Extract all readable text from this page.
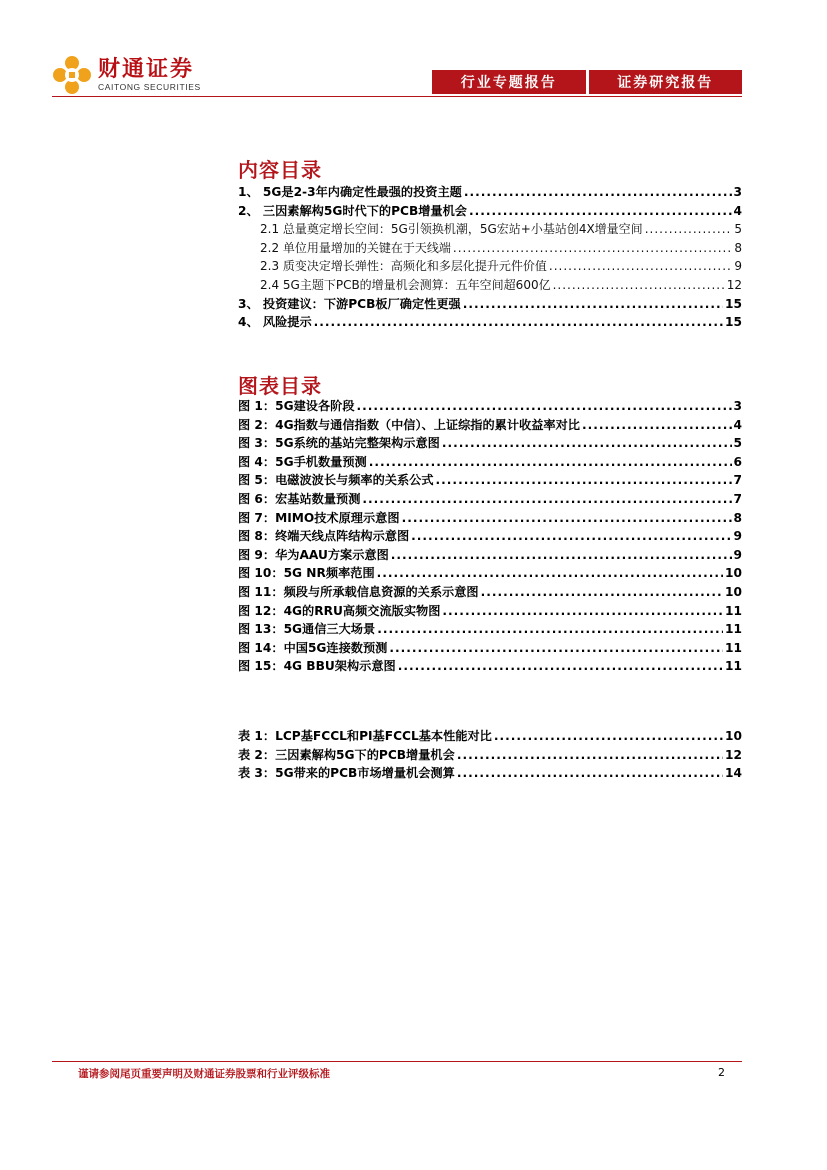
财通证券
CAITONG SECURITIES	行业专题报告	证券研究报告
内容目录
1、 5G是2-3年内确定性最强的投资主题 .....	3
2、 三因素解构5G时代下的PCB增量机会 .....	4
2.1 总量奠定增长空间：5G引领换机潮，5G宏站+小基站创4X增量空间 .....	5
2.2 单位用量增加的关键在于天线端 .....	8
2.3 质变决定增长弹性：高频化和多层化提升元件价值 .....	9
2.4 5G主题下PCB的增量机会测算：五年空间超600亿 .....	12
3、 投资建议：下游PCB板厂确定性更强 .....	15
4、 风险提示 .....	15
图表目录
图 1：5G建设各阶段 .....	3
图 2：4G指数与通信指数（中信）、上证综指的累计收益率对比 .....	4
图 3：5G系统的基站完整架构示意图 .....	5
图 4：5G手机数量预测 .....	6
图 5：电磁波波长与频率的关系公式 .....	7
图 6：宏基站数量预测 .....	7
图 7：MIMO技术原理示意图 .....	8
图 8：终端天线点阵结构示意图 .....	9
图 9：华为AAU方案示意图 .....	9
图 10：5G NR频率范围 .....	10
图 11：频段与所承载信息资源的关系示意图 .....	10
图 12：4G的RRU高频交流版实物图 .....	11
图 13：5G通信三大场景 .....	11
图 14：中国5G连接数预测 .....	11
图 15：4G BBU架构示意图 .....	11
表 1：LCP基FCCL和PI基FCCL基本性能对比 .....	10
表 2：三因素解构5G下的PCB增量机会 .....	12
表 3：5G带来的PCB市场增量机会测算 .....	14
谨请参阅尾页重要声明及财通证券股票和行业评级标准	2
